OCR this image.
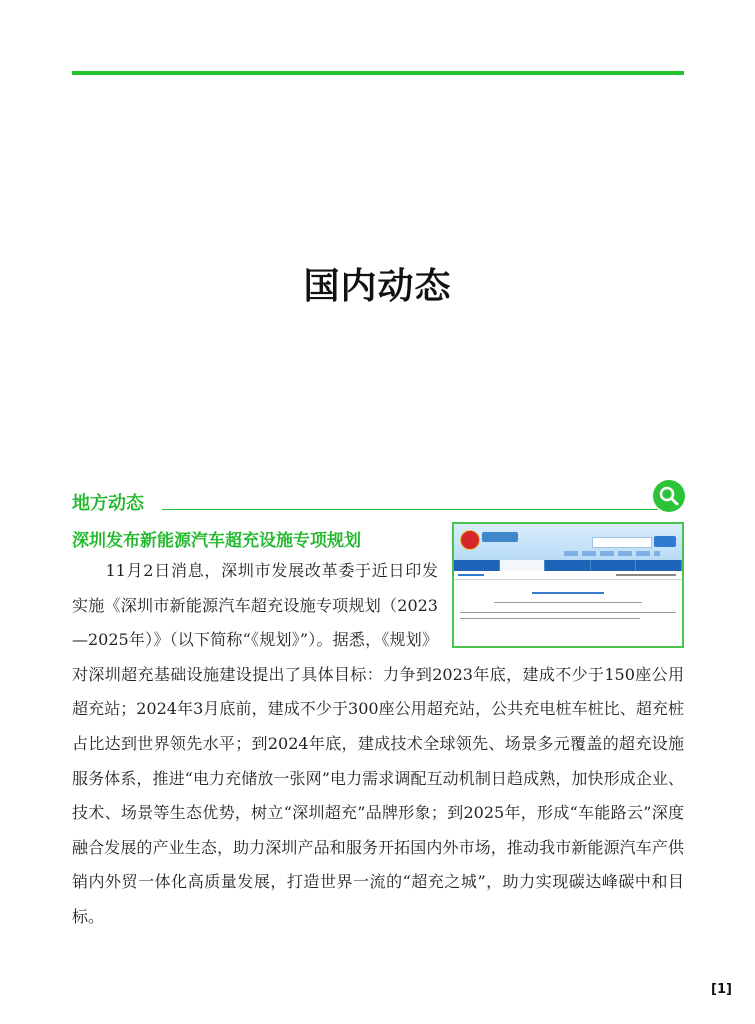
国内动态
地方动态
深圳发布新能源汽车超充设施专项规划
　　11月2日消息，深圳市发展改革委于近日印发实施《深圳市新能源汽车超充设施专项规划（2023—2025年）》（以下简称“《规划》”）。据悉，《规划》对深圳超充基础设施建设提出了具体目标：力争到2023年底，建成不少于150座公用超充站；2024年3月底前，建成不少于300座公用超充站，公共充电桩车桩比、超充桩占比达到世界领先水平；到2024年底，建成技术全球领先、场景多元覆盖的超充设施服务体系，推进“电力充储放一张网”电力需求调配互动机制日趋成熟，加快形成企业、技术、场景等生态优势，树立“深圳超充”品牌形象；到2025年，形成“车能路云”深度融合发展的产业生态，助力深圳产品和服务开拓国内外市场，推动我市新能源汽车产供销内外贸一体化高质量发展，打造世界一流的“超充之城”，助力实现碳达峰碳中和目标。
[1]
